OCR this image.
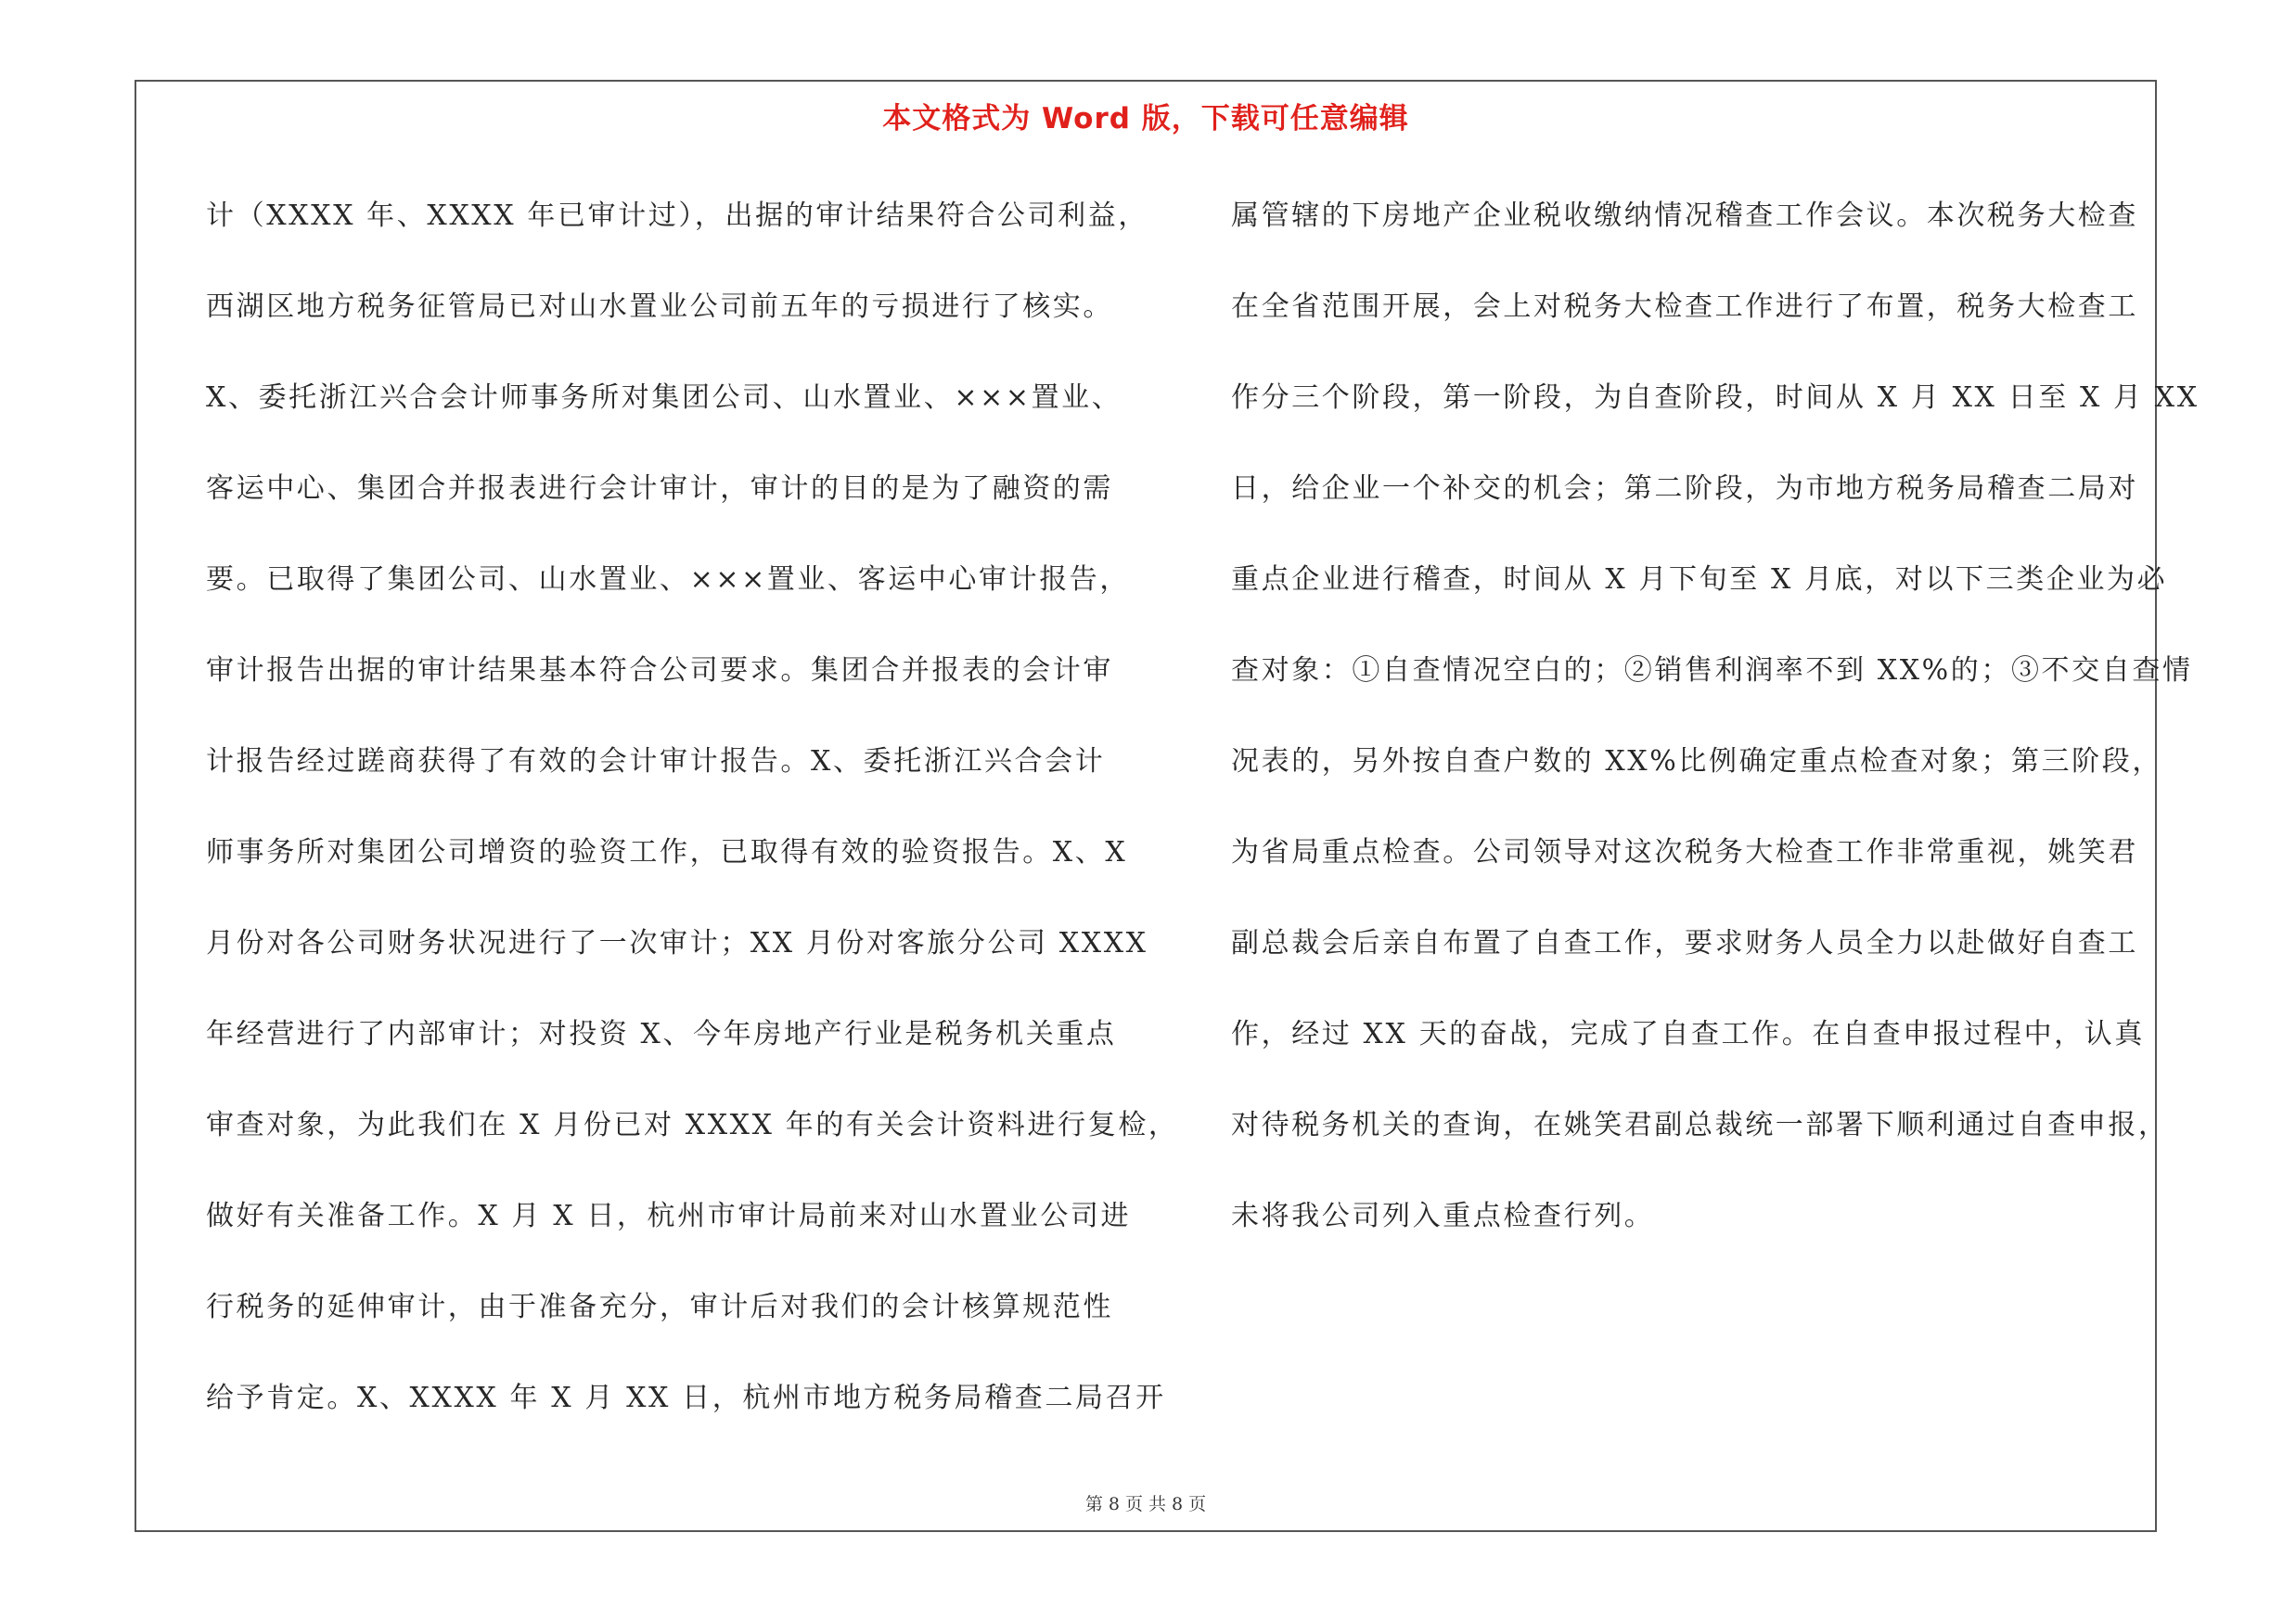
本文格式为 Word 版，下载可任意编辑
计（XXXX 年、XXXX 年已审计过），出据的审计结果符合公司利益，
西湖区地方税务征管局已对山水置业公司前五年的亏损进行了核实。
X、委托浙江兴合会计师事务所对集团公司、山水置业、×××置业、
客运中心、集团合并报表进行会计审计，审计的目的是为了融资的需
要。已取得了集团公司、山水置业、×××置业、客运中心审计报告，
审计报告出据的审计结果基本符合公司要求。集团合并报表的会计审
计报告经过蹉商获得了有效的会计审计报告。X、委托浙江兴合会计
师事务所对集团公司增资的验资工作，已取得有效的验资报告。X、X
月份对各公司财务状况进行了一次审计；XX 月份对客旅分公司 XXXX
年经营进行了内部审计；对投资 X、今年房地产行业是税务机关重点
审查对象，为此我们在 X 月份已对 XXXX 年的有关会计资料进行复检，
做好有关准备工作。X 月 X 日，杭州市审计局前来对山水置业公司进
行税务的延伸审计，由于准备充分，审计后对我们的会计核算规范性
给予肯定。X、XXXX 年 X 月 XX 日，杭州市地方税务局稽查二局召开
属管辖的下房地产企业税收缴纳情况稽查工作会议。本次税务大检查
在全省范围开展，会上对税务大检查工作进行了布置，税务大检查工
作分三个阶段，第一阶段，为自查阶段，时间从 X 月 XX 日至 X 月 XX
日，给企业一个补交的机会；第二阶段，为市地方税务局稽查二局对
重点企业进行稽查，时间从 X 月下旬至 X 月底，对以下三类企业为必
查对象：①自查情况空白的；②销售利润率不到 XX%的；③不交自查情
况表的，另外按自查户数的 XX%比例确定重点检查对象；第三阶段，
为省局重点检查。公司领导对这次税务大检查工作非常重视，姚笑君
副总裁会后亲自布置了自查工作，要求财务人员全力以赴做好自查工
作，经过 XX 天的奋战，完成了自查工作。在自查申报过程中，认真
对待税务机关的查询，在姚笑君副总裁统一部署下顺利通过自查申报，
未将我公司列入重点检查行列。
第 8 页 共 8 页
